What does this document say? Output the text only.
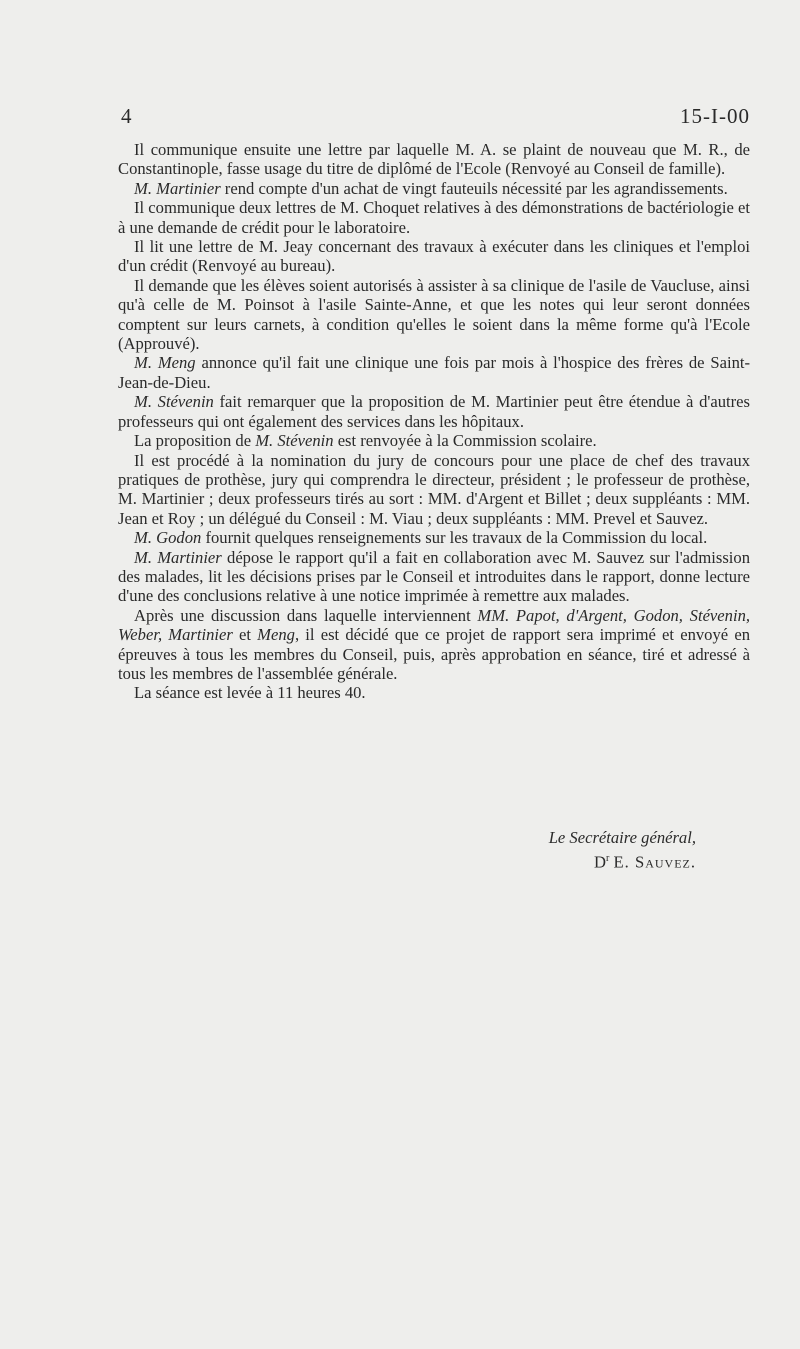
4	15-I-00

Il communique ensuite une lettre par laquelle M. A. se plaint de nouveau que M. R., de Constantinople, fasse usage du titre de diplômé de l'Ecole (Renvoyé au Conseil de famille).

M. Martinier rend compte d'un achat de vingt fauteuils nécessité par les agrandissements.

Il communique deux lettres de M. Choquet relatives à des démonstrations de bactériologie et à une demande de crédit pour le laboratoire.

Il lit une lettre de M. Jeay concernant des travaux à exécuter dans les cliniques et l'emploi d'un crédit (Renvoyé au bureau).

Il demande que les élèves soient autorisés à assister à sa clinique de l'asile de Vaucluse, ainsi qu'à celle de M. Poinsot à l'asile Sainte-Anne, et que les notes qui leur seront données comptent sur leurs carnets, à condition qu'elles le soient dans la même forme qu'à l'Ecole (Approuvé).

M. Meng annonce qu'il fait une clinique une fois par mois à l'hospice des frères de Saint-Jean-de-Dieu.

M. Stévenin fait remarquer que la proposition de M. Martinier peut être étendue à d'autres professeurs qui ont également des services dans les hôpitaux.

La proposition de M. Stévenin est renvoyée à la Commission scolaire.

Il est procédé à la nomination du jury de concours pour une place de chef des travaux pratiques de prothèse, jury qui comprendra le directeur, président ; le professeur de prothèse, M. Martinier ; deux professeurs tirés au sort : MM. d'Argent et Billet ; deux suppléants : MM. Jean et Roy ; un délégué du Conseil : M. Viau ; deux suppléants : MM. Prevel et Sauvez.

M. Godon fournit quelques renseignements sur les travaux de la Commission du local.

M. Martinier dépose le rapport qu'il a fait en collaboration avec M. Sauvez sur l'admission des malades, lit les décisions prises par le Conseil et introduites dans le rapport, donne lecture d'une des conclusions relative à une notice imprimée à remettre aux malades.

Après une discussion dans laquelle interviennent MM. Papot, d'Argent, Godon, Stévenin, Weber, Martinier et Meng, il est décidé que ce projet de rapport sera imprimé et envoyé en épreuves à tous les membres du Conseil, puis, après approbation en séance, tiré et adressé à tous les membres de l'assemblée générale.

La séance est levée à 11 heures 40.

Le Secrétaire général,
$D^r$ E. Sauvez.
